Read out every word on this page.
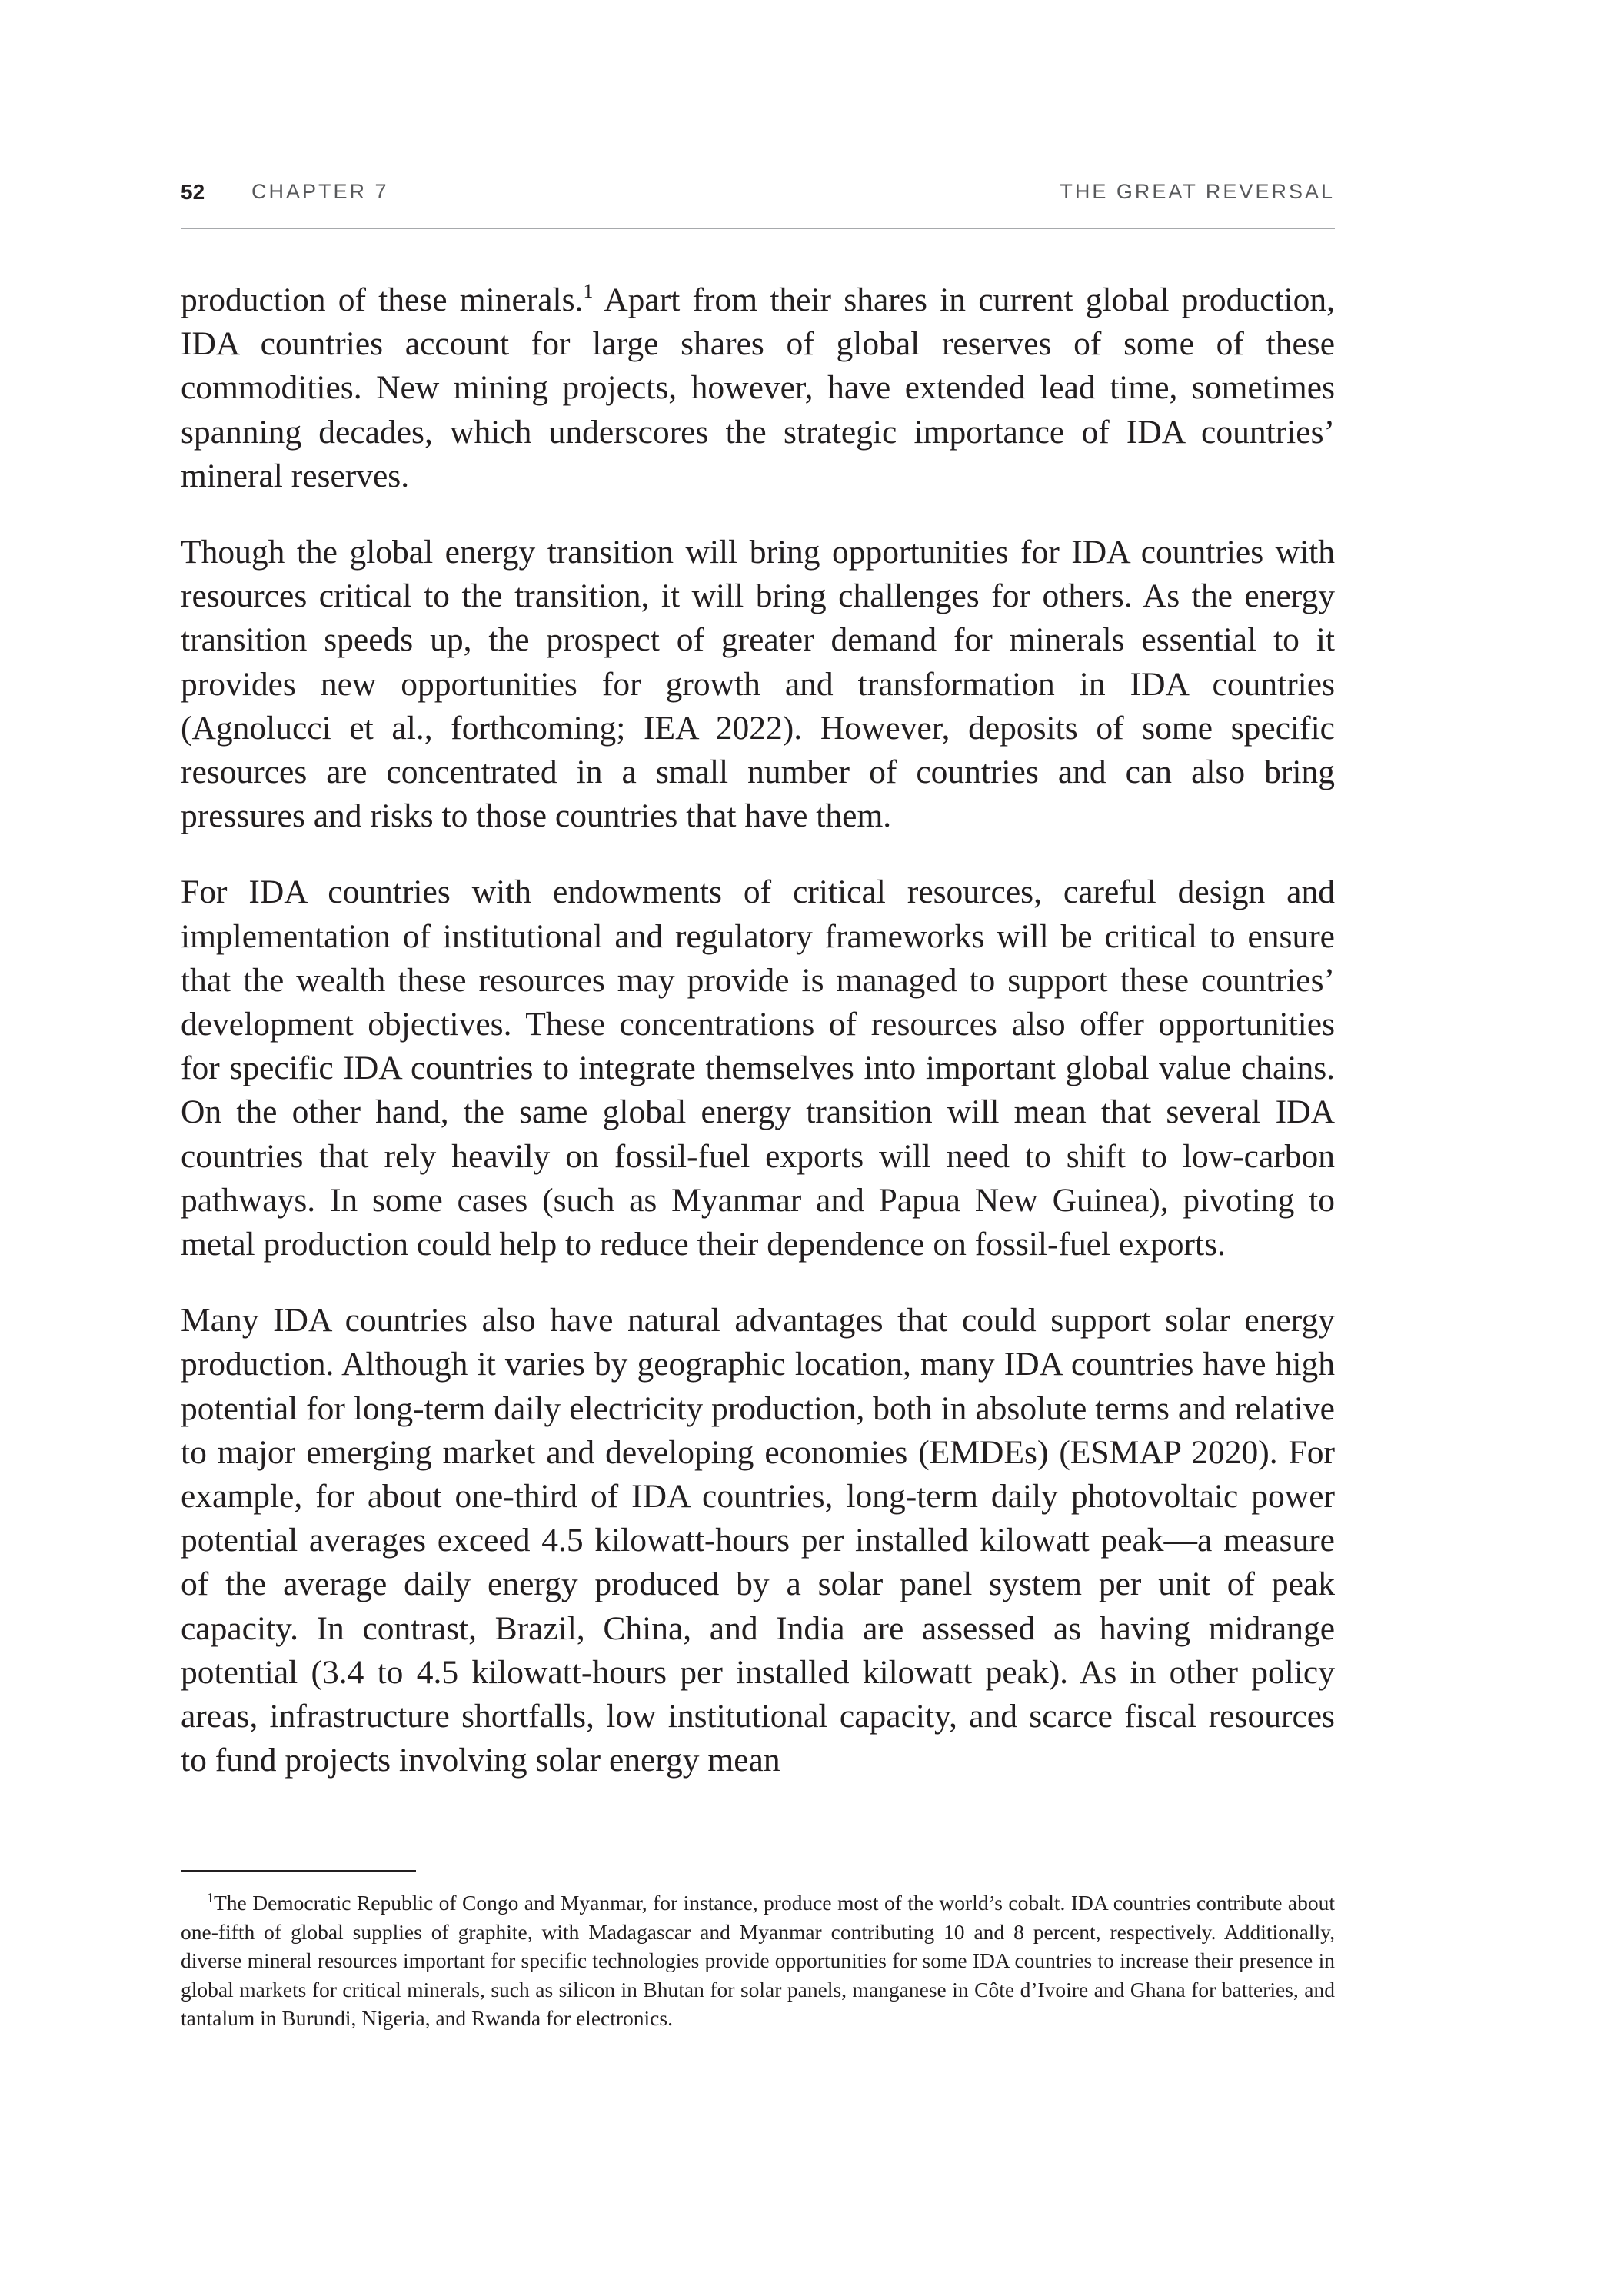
52 CHAPTER 7	THE GREAT REVERSAL

production of these minerals.$^1$ Apart from their shares in current global production, IDA countries account for large shares of global reserves of some of these commodities. New mining projects, however, have extended lead time, sometimes spanning decades, which underscores the strategic importance of IDA countries’ mineral reserves.

Though the global energy transition will bring opportunities for IDA countries with resources critical to the transition, it will bring challenges for others. As the energy transition speeds up, the prospect of greater demand for minerals essential to it provides new opportunities for growth and transformation in IDA countries (Agnolucci et al., forthcoming; IEA 2022). However, deposits of some specific resources are concentrated in a small number of countries and can also bring pressures and risks to those countries that have them.

For IDA countries with endowments of critical resources, careful design and implementation of institutional and regulatory frameworks will be critical to ensure that the wealth these resources may provide is managed to support these countries’ development objectives. These concentrations of resources also offer opportunities for specific IDA countries to integrate themselves into important global value chains. On the other hand, the same global energy transition will mean that several IDA countries that rely heavily on fossil-fuel exports will need to shift to low-carbon pathways. In some cases (such as Myanmar and Papua New Guinea), pivoting to metal production could help to reduce their dependence on fossil-fuel exports.

Many IDA countries also have natural advantages that could support solar energy production. Although it varies by geographic location, many IDA countries have high potential for long-term daily electricity production, both in absolute terms and relative to major emerging market and developing economies (EMDEs) (ESMAP 2020). For example, for about one-third of IDA countries, long-term daily photovoltaic power potential averages exceed 4.5 kilowatt-hours per installed kilowatt peak—a measure of the average daily energy produced by a solar panel system per unit of peak capacity. In contrast, Brazil, China, and India are assessed as having midrange potential (3.4 to 4.5 kilowatt-hours per installed kilowatt peak). As in other policy areas, infrastructure shortfalls, low institutional capacity, and scarce fiscal resources to fund projects involving solar energy mean

$^1$The Democratic Republic of Congo and Myanmar, for instance, produce most of the world’s cobalt. IDA countries contribute about one-fifth of global supplies of graphite, with Madagascar and Myanmar contributing 10 and 8 percent, respectively. Additionally, diverse mineral resources important for specific technologies provide opportunities for some IDA countries to increase their presence in global markets for critical minerals, such as silicon in Bhutan for solar panels, manganese in Côte d’Ivoire and Ghana for batteries, and tantalum in Burundi, Nigeria, and Rwanda for electronics.
